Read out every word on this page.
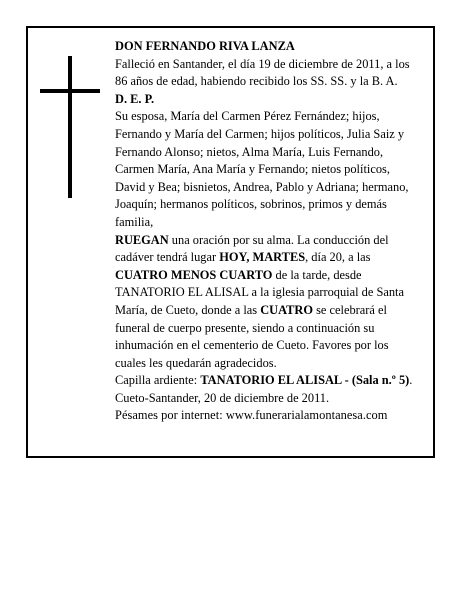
DON FERNANDO RIVA LANZA

Falleció en Santander, el día 19 de diciembre de 2011, a los 86 años de edad, habiendo recibido los SS. SS. y la B. A.

D. E. P.

Su esposa, María del Carmen Pérez Fernández; hijos, Fernando y María del Carmen; hijos políticos, Julia Saiz y Fernando Alonso; nietos, Alma María, Luis Fernando, Carmen María, Ana María y Fernando; nietos políticos, David y Bea; bisnietos, Andrea, Pablo y Adriana; hermano, Joaquín; hermanos políticos, sobrinos, primos y demás familia,

RUEGAN una oración por su alma. La conducción del cadáver tendrá lugar HOY, MARTES, día 20, a las CUATRO MENOS CUARTO de la tarde, desde TANATORIO EL ALISAL a la iglesia parroquial de Santa María, de Cueto, donde a las CUATRO se celebrará el funeral de cuerpo presente, siendo a continuación su inhumación en el cementerio de Cueto. Favores por los cuales les quedarán agradecidos.

Capilla ardiente: TANATORIO EL ALISAL - (Sala n.º 5).

Cueto-Santander, 20 de diciembre de 2011.

Pésames por internet: www.funerarialamontanesa.com
